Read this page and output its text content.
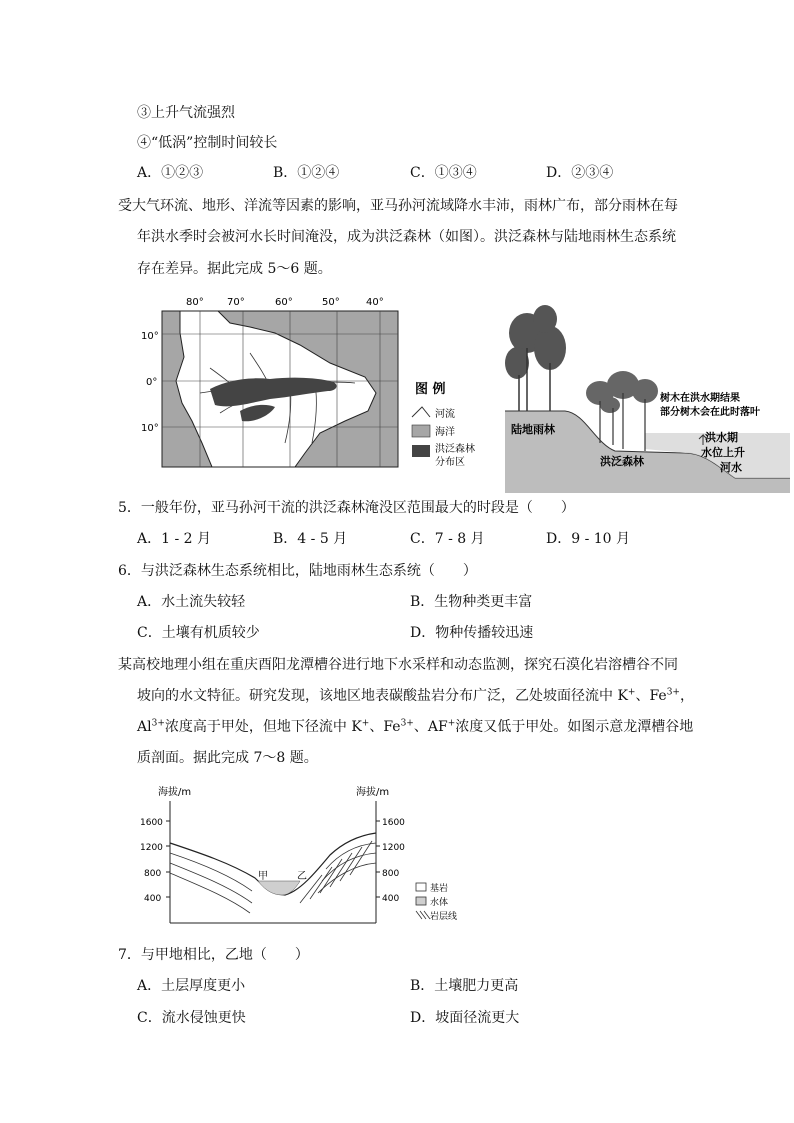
③上升气流强烈
④“低涡”控制时间较长
A．①②③	B．①②④	C．①③④	D．②③④
受大气环流、地形、洋流等因素的影响，亚马孙河流域降水丰沛，雨林广布，部分雨林在每
年洪水季时会被河水长时间淹没，成为洪泛森林（如图）。洪泛森林与陆地雨林生态系统
存在差异。据此完成 5～6 题。
80° 70°	60°	50°	40°
10°
0°
10°
图 例
河流
海洋
洪泛森林
分布区
陆地雨林
洪泛森林
树木在洪水期结果
部分树木会在此时落叶
洪水期
水位上升
河水
5．一般年份，亚马孙河干流的洪泛森林淹没区范围最大的时段是（　　）
A．1 - 2 月	B．4 - 5 月	C．7 - 8 月	D．9 - 10 月
6．与洪泛森林生态系统相比，陆地雨林生态系统（　　）
A．水土流失较轻	B．生物种类更丰富
C．土壤有机质较少	D．物种传播较迅速
某高校地理小组在重庆酉阳龙潭槽谷进行地下水采样和动态监测，探究石漠化岩溶槽谷不同
坡向的水文特征。研究发现，该地区地表碳酸盐岩分布广泛，乙处坡面径流中 K+、$Fe^{3+}$，
$Al^{3+}$浓度高于甲处，但地下径流中 K+、$Fe^{3+}$、AF+浓度又低于甲处。如图示意龙潭槽谷地
质剖面。据此完成 7～8 题。
海拔/m	海拔/m
1600
1200
800
400
1600
1200
800
400
甲	乙
基岩
水体
岩层线
7．与甲地相比，乙地（　　）
A．土层厚度更小	B．土壤肥力更高
C．流水侵蚀更快	D．坡面径流更大
